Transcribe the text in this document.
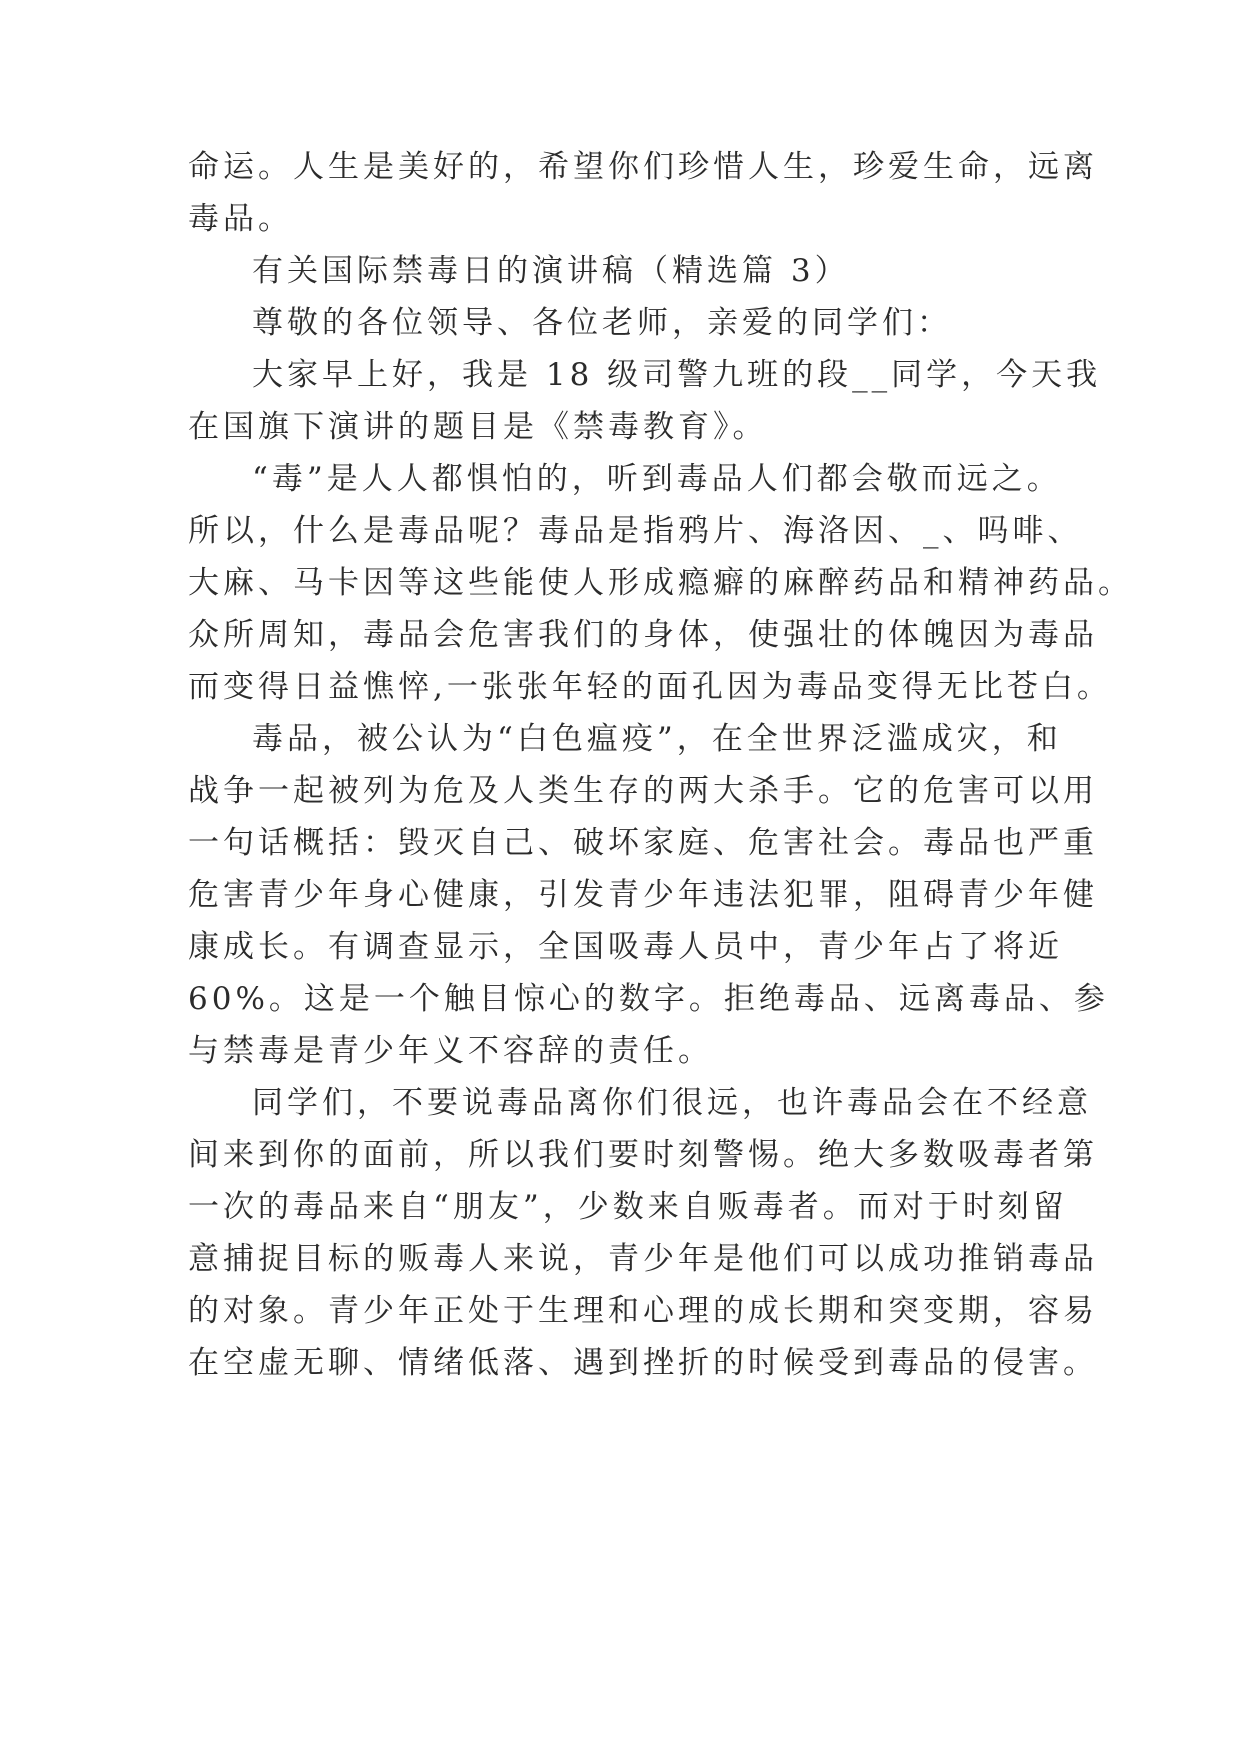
命运。人生是美好的，希望你们珍惜人生，珍爱生命，远离
毒品。
有关国际禁毒日的演讲稿（精选篇 3）
尊敬的各位领导、各位老师，亲爱的同学们：
大家早上好，我是 18 级司警九班的段__同学，今天我
在国旗下演讲的题目是《禁毒教育》。
“毒”是人人都惧怕的，听到毒品人们都会敬而远之。
所以，什么是毒品呢？毒品是指鸦片、海洛因、_、吗啡、
大麻、马卡因等这些能使人形成瘾癖的麻醉药品和精神药品。
众所周知，毒品会危害我们的身体，使强壮的体魄因为毒品
而变得日益憔悴,一张张年轻的面孔因为毒品变得无比苍白。
毒品，被公认为“白色瘟疫”，在全世界泛滥成灾，和
战争一起被列为危及人类生存的两大杀手。它的危害可以用
一句话概括：毁灭自己、破坏家庭、危害社会。毒品也严重
危害青少年身心健康，引发青少年违法犯罪，阻碍青少年健
康成长。有调查显示，全国吸毒人员中，青少年占了将近
60%。这是一个触目惊心的数字。拒绝毒品、远离毒品、参
与禁毒是青少年义不容辞的责任。
同学们，不要说毒品离你们很远，也许毒品会在不经意
间来到你的面前，所以我们要时刻警惕。绝大多数吸毒者第
一次的毒品来自“朋友”，少数来自贩毒者。而对于时刻留
意捕捉目标的贩毒人来说，青少年是他们可以成功推销毒品
的对象。青少年正处于生理和心理的成长期和突变期，容易
在空虚无聊、情绪低落、遇到挫折的时候受到毒品的侵害。
